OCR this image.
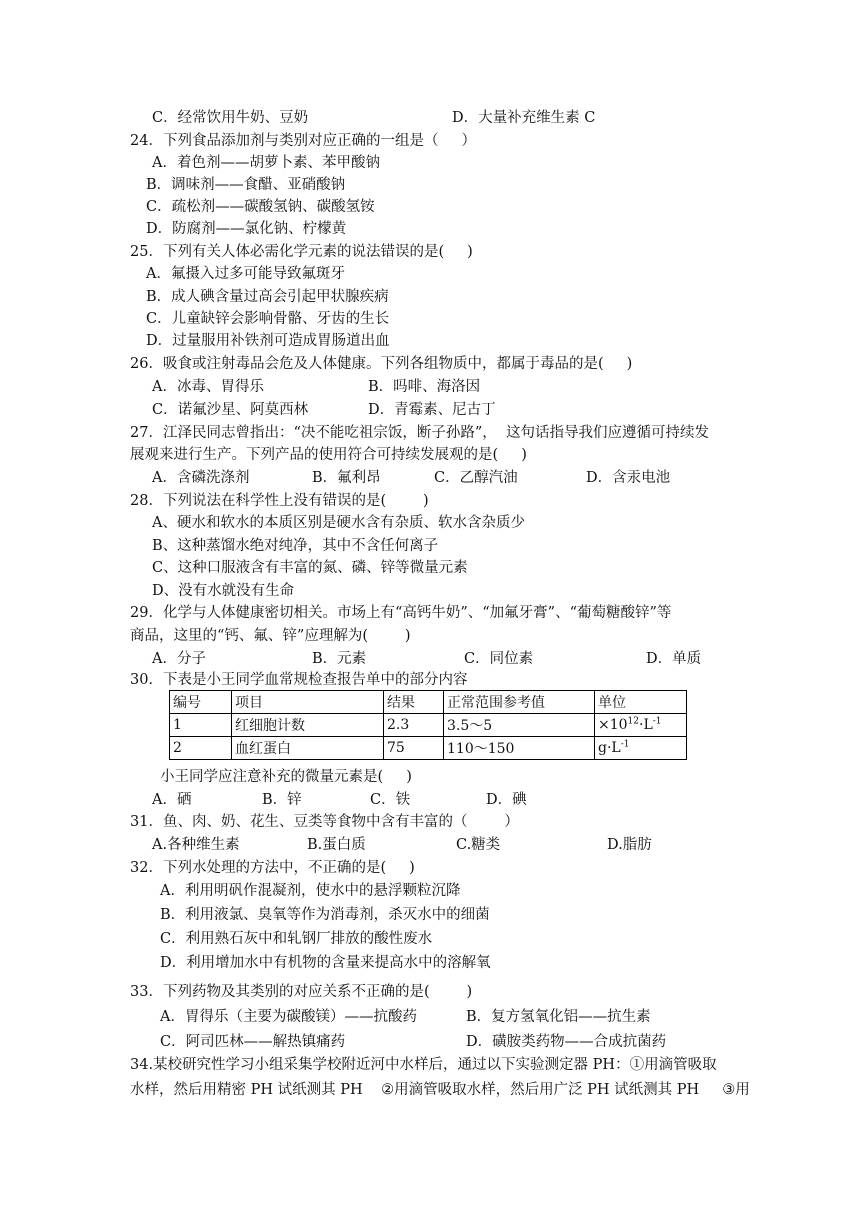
C．经常饮用牛奶、豆奶	D．大量补充维生素 C
24．下列食品添加剂与类别对应正确的一组是（     ）
A．着色剂——胡萝卜素、苯甲酸钠
B．调味剂——食醋、亚硝酸钠
C．疏松剂——碳酸氢钠、碳酸氢铵
D．防腐剂——氯化钠、柠檬黄
25．下列有关人体必需化学元素的说法错误的是(     )
A．氟摄入过多可能导致氟斑牙
B．成人碘含量过高会引起甲状腺疾病
C．儿童缺锌会影响骨骼、牙齿的生长
D．过量服用补铁剂可造成胃肠道出血
26．吸食或注射毒品会危及人体健康。下列各组物质中，都属于毒品的是(     )
A．冰毒、胃得乐	B．吗啡、海洛因
C．诺氟沙星、阿莫西林	D．青霉素、尼古丁
27．江泽民同志曾指出：“决不能吃祖宗饭，断子孙路”，  这句话指导我们应遵循可持续发
展观来进行生产。下列产品的使用符合可持续发展观的是(     )
A．含磷洗涤剂	B．氟利昂	C．乙醇汽油	D．含汞电池
28．下列说法在科学性上没有错误的是(        )
A、硬水和软水的本质区别是硬水含有杂质、软水含杂质少
B、这种蒸馏水绝对纯净，其中不含任何离子
C、这种口服液含有丰富的氮、磷、锌等微量元素
D、没有水就没有生命
29．化学与人体健康密切相关。市场上有“高钙牛奶”、“加氟牙膏”、“葡萄糖酸锌”等
商品，这里的“钙、氟、锌”应理解为(        )
A．分子	B．元素	C．同位素	D．单质
30．下表是小王同学血常规检查报告单中的部分内容
编号	项目	结果	正常范围参考值	单位
1	红细胞计数	2.3	3.5～5	$\times 10^{12}\cdot L^{-1}$
2	血红蛋白	75	110～150	$g\cdot L^{-1}$
小王同学应注意补充的微量元素是(     )
A．硒	B．锌	C．铁	D．碘
31．鱼、肉、奶、花生、豆类等食物中含有丰富的（        ）
A.各种维生素	B.蛋白质	C.糖类	D.脂肪
32．下列水处理的方法中，不正确的是(     )
A．利用明矾作混凝剂，使水中的悬浮颗粒沉降
B．利用液氯、臭氧等作为消毒剂，杀灭水中的细菌
C．利用熟石灰中和轧钢厂排放的酸性废水
D．利用增加水中有机物的含量来提高水中的溶解氧
33．下列药物及其类别的对应关系不正确的是(        )
A．胃得乐（主要为碳酸镁）——抗酸药	B．复方氢氧化铝——抗生素
C．阿司匹林——解热镇痛药	D．磺胺类药物——合成抗菌药
34.某校研究性学习小组采集学校附近河中水样后，通过以下实验测定器 PH：①用滴管吸取
水样，然后用精密 PH 试纸测其 PH    ②用滴管吸取水样，然后用广泛 PH 试纸测其 PH     ③用
